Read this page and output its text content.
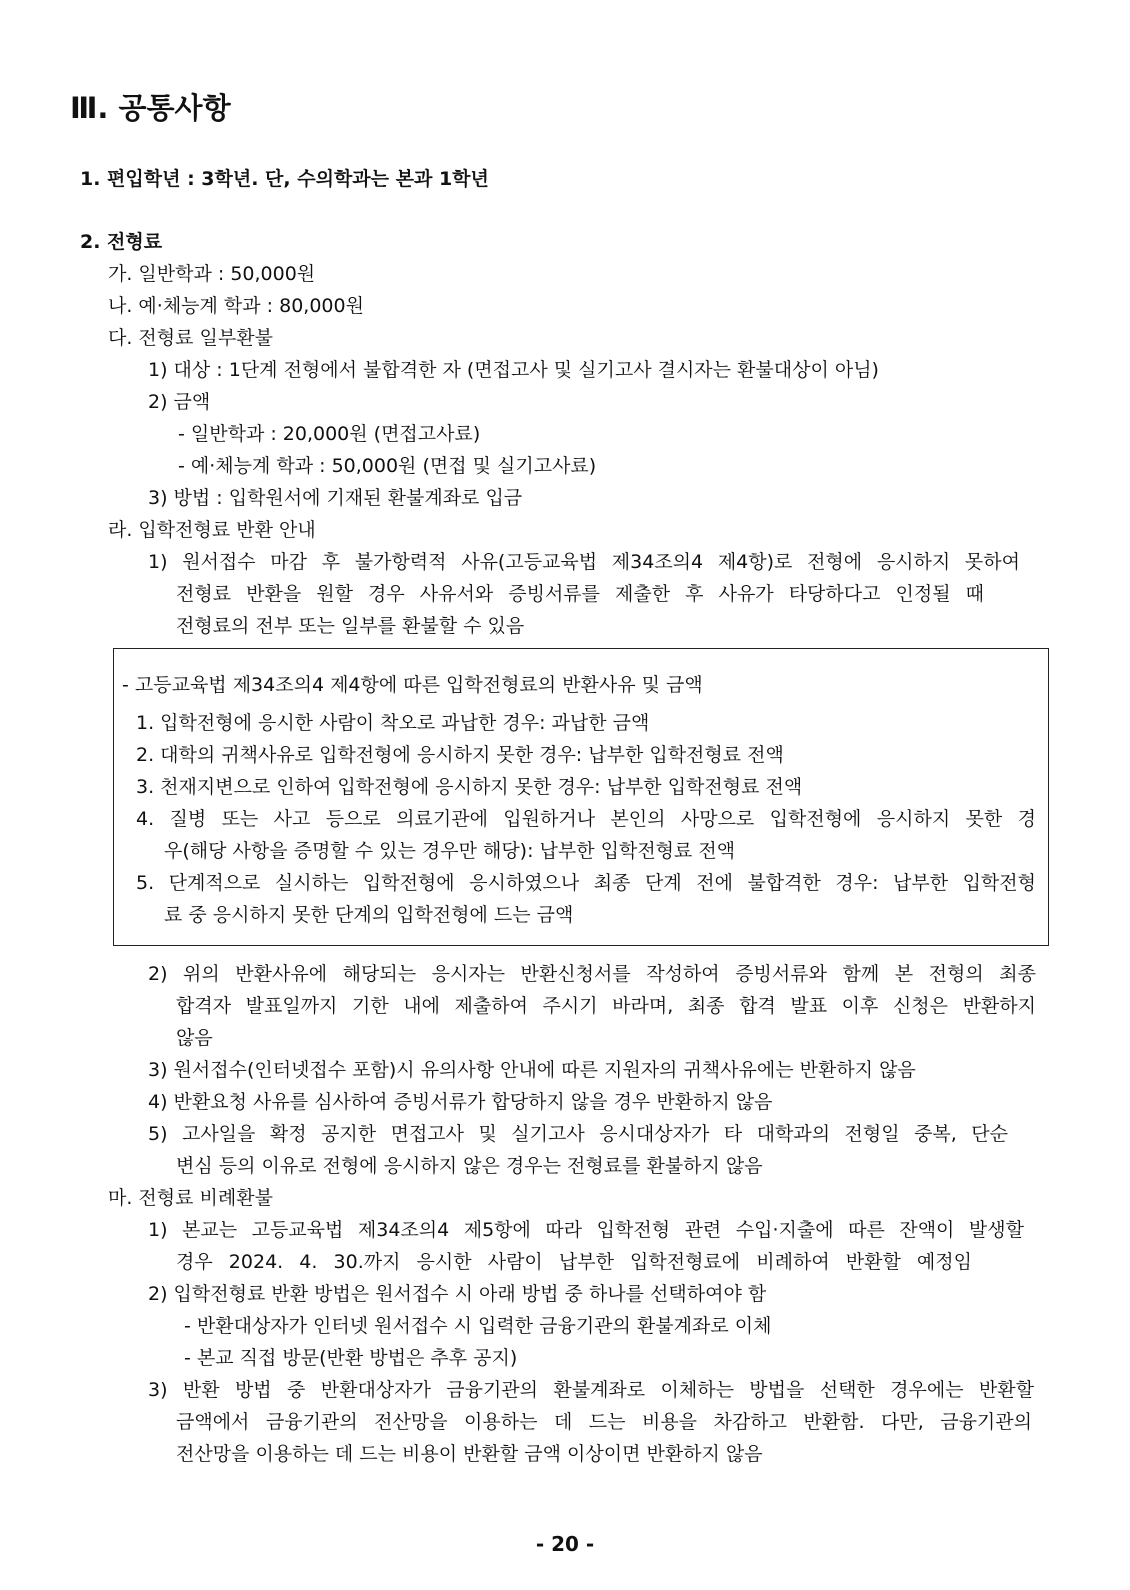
Ⅲ. 공통사항
1. 편입학년 : 3학년. 단, 수의학과는 본과 1학년
2. 전형료
가. 일반학과 : 50,000원
나. 예·체능계 학과 : 80,000원
다. 전형료 일부환불
1) 대상 : 1단계 전형에서 불합격한 자 (면접고사 및 실기고사 결시자는 환불대상이 아님)
2) 금액
- 일반학과 : 20,000원 (면접고사료)
- 예·체능계 학과 : 50,000원 (면접 및 실기고사료)
3) 방법 : 입학원서에 기재된 환불계좌로 입금
라. 입학전형료 반환 안내
1) 원서접수 마감 후 불가항력적 사유(고등교육법 제34조의4 제4항)로 전형에 응시하지 못하여
전형료 반환을 원할 경우 사유서와 증빙서류를 제출한 후 사유가 타당하다고 인정될 때
전형료의 전부 또는 일부를 환불할 수 있음
- 고등교육법 제34조의4 제4항에 따른 입학전형료의 반환사유 및 금액
1. 입학전형에 응시한 사람이 착오로 과납한 경우: 과납한 금액
2. 대학의 귀책사유로 입학전형에 응시하지 못한 경우: 납부한 입학전형료 전액
3. 천재지변으로 인하여 입학전형에 응시하지 못한 경우: 납부한 입학전형료 전액
4. 질병 또는 사고 등으로 의료기관에 입원하거나 본인의 사망으로 입학전형에 응시하지 못한 경
우(해당 사항을 증명할 수 있는 경우만 해당): 납부한 입학전형료 전액
5. 단계적으로 실시하는 입학전형에 응시하였으나 최종 단계 전에 불합격한 경우: 납부한 입학전형
료 중 응시하지 못한 단계의 입학전형에 드는 금액
2) 위의 반환사유에 해당되는 응시자는 반환신청서를 작성하여 증빙서류와 함께 본 전형의 최종
합격자 발표일까지 기한 내에 제출하여 주시기 바라며, 최종 합격 발표 이후 신청은 반환하지
않음
3) 원서접수(인터넷접수 포함)시 유의사항 안내에 따른 지원자의 귀책사유에는 반환하지 않음
4) 반환요청 사유를 심사하여 증빙서류가 합당하지 않을 경우 반환하지 않음
5) 고사일을 확정 공지한 면접고사 및 실기고사 응시대상자가 타 대학과의 전형일 중복, 단순
변심 등의 이유로 전형에 응시하지 않은 경우는 전형료를 환불하지 않음
마. 전형료 비례환불
1) 본교는 고등교육법 제34조의4 제5항에 따라 입학전형 관련 수입·지출에 따른 잔액이 발생할
경우 2024. 4. 30.까지 응시한 사람이 납부한 입학전형료에 비례하여 반환할 예정임
2) 입학전형료 반환 방법은 원서접수 시 아래 방법 중 하나를 선택하여야 함
- 반환대상자가 인터넷 원서접수 시 입력한 금융기관의 환불계좌로 이체
- 본교 직접 방문(반환 방법은 추후 공지)
3) 반환 방법 중 반환대상자가 금융기관의 환불계좌로 이체하는 방법을 선택한 경우에는 반환할
금액에서 금융기관의 전산망을 이용하는 데 드는 비용을 차감하고 반환함. 다만, 금융기관의
전산망을 이용하는 데 드는 비용이 반환할 금액 이상이면 반환하지 않음
- 20 -
